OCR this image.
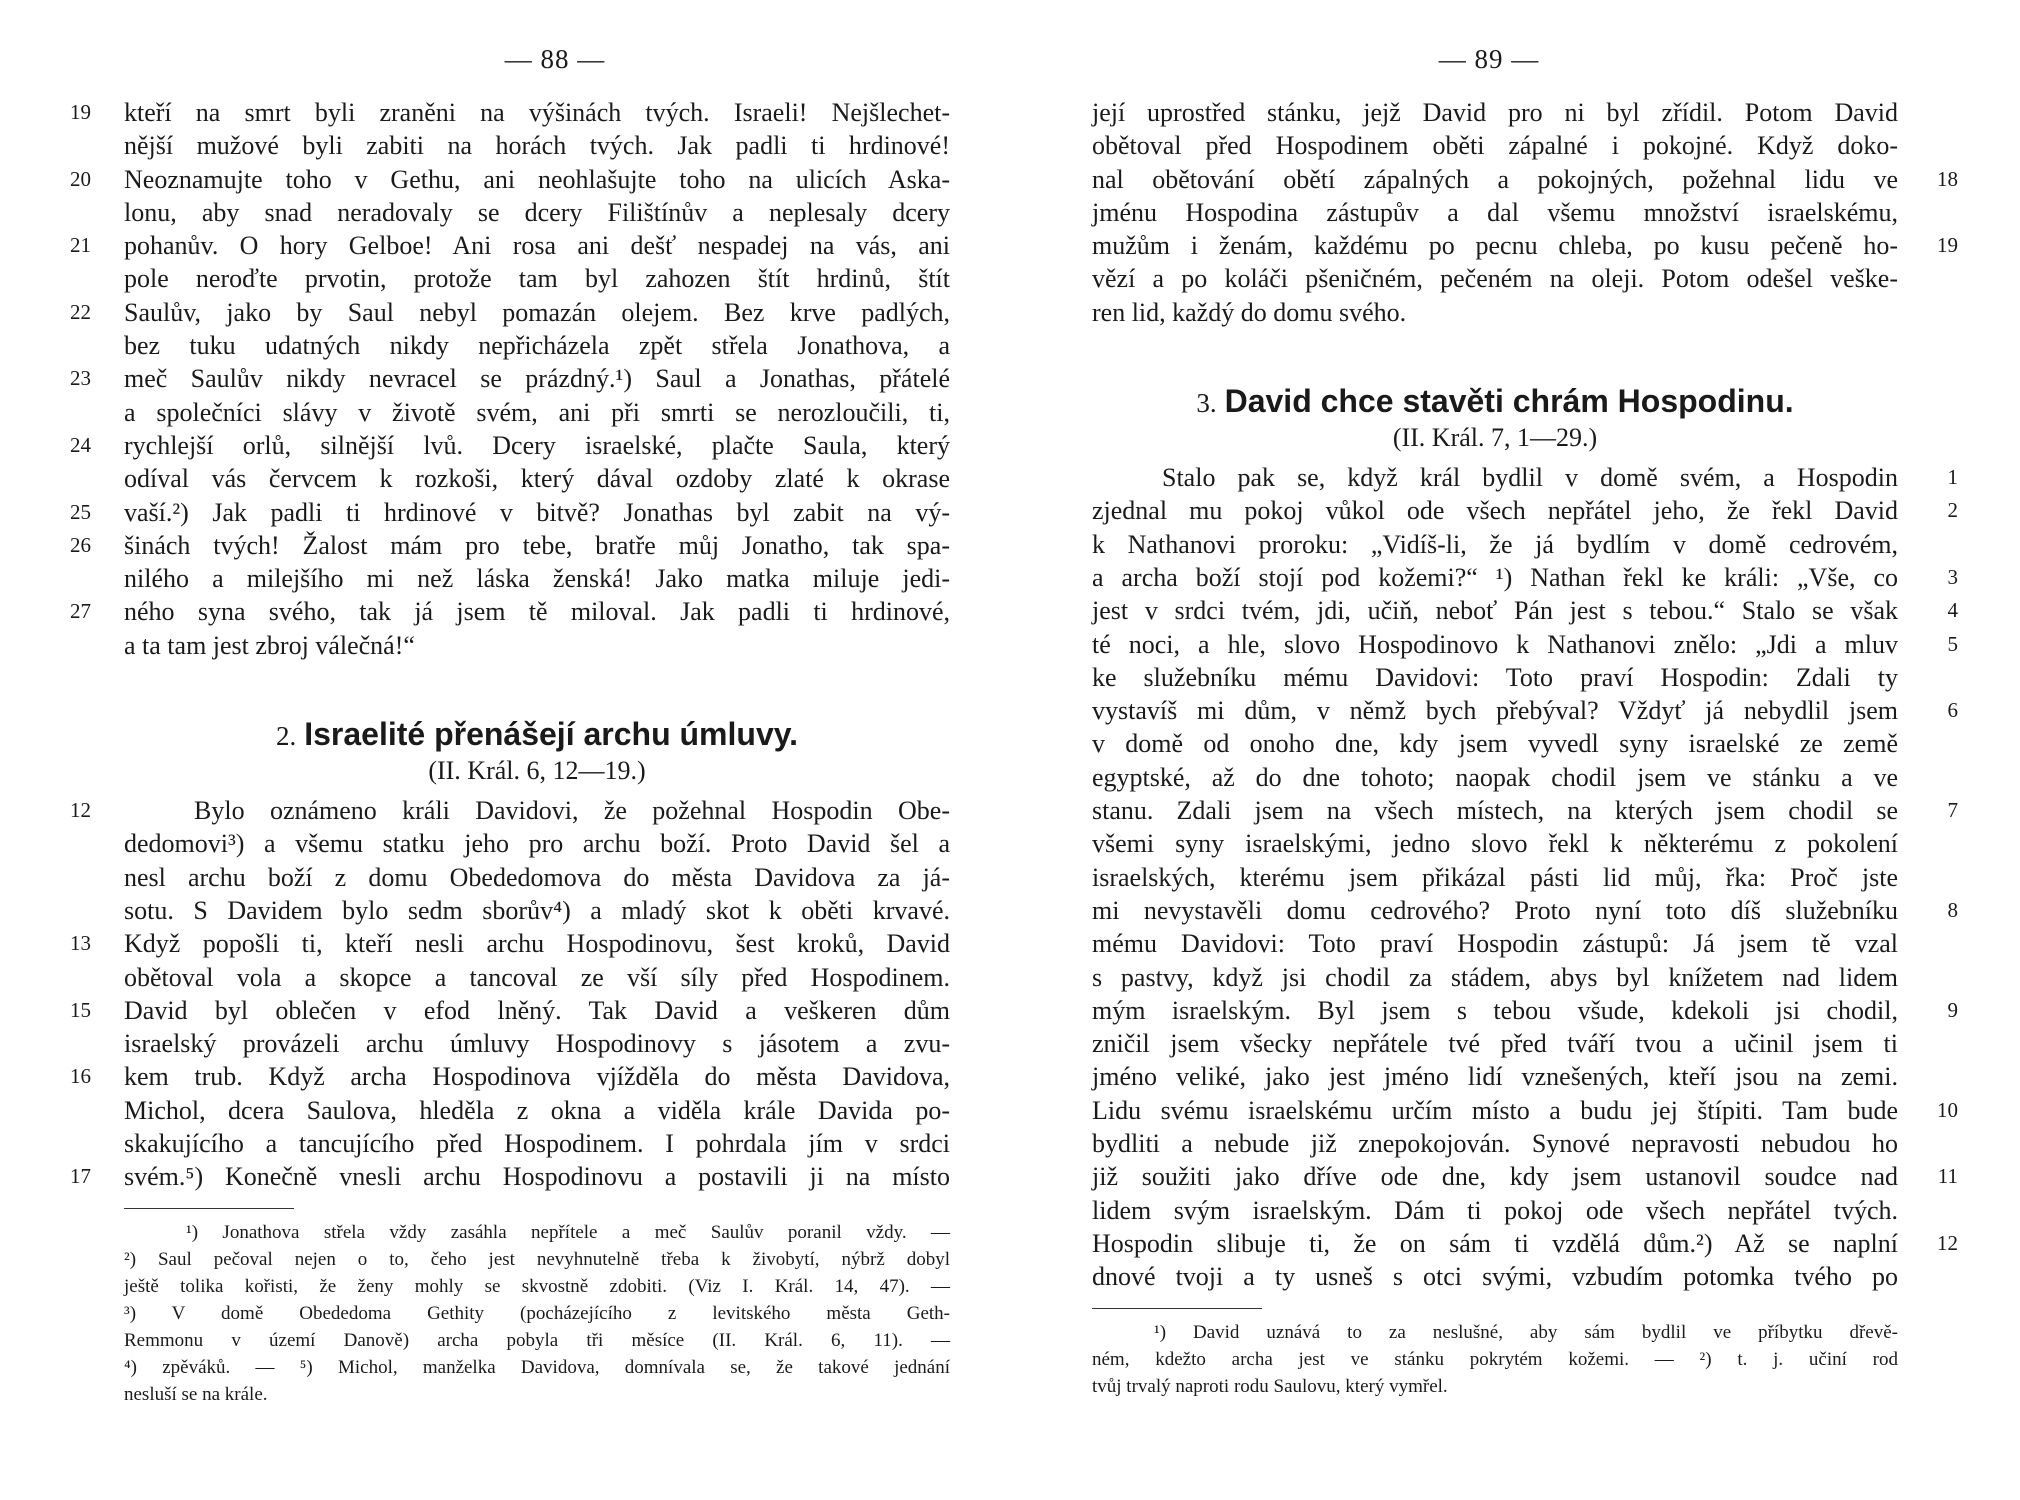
— 88 —
kteří na smrt byli zraněni na výšinách tvých. Israeli! Nejšlechet-
19
nější mužové byli zabiti na horách tvých. Jak padli ti hrdinové!
Neoznamujte toho v Gethu, ani neohlašujte toho na ulicích Aska-
20
lonu, aby snad neradovaly se dcery Filištínův a neplesaly dcery
pohanův. O hory Gelboe! Ani rosa ani dešť nespadej na vás, ani
21
pole neroďte prvotin, protože tam byl zahozen štít hrdinů, štít
Saulův, jako by Saul nebyl pomazán olejem. Bez krve padlých,
22
bez tuku udatných nikdy nepřicházela zpět střela Jonathova, a
meč Saulův nikdy nevracel se prázdný.¹) Saul a Jonathas, přátelé
23
a společníci slávy v životě svém, ani při smrti se nerozloučili, ti,
rychlejší orlů, silnější lvů. Dcery israelské, plačte Saula, který
24
odíval vás červcem k rozkoši, který dával ozdoby zlaté k okrase
vaší.²) Jak padli ti hrdinové v bitvě? Jonathas byl zabit na vý-
25
šinách tvých! Žalost mám pro tebe, bratře můj Jonatho, tak spa-
26
nilého a milejšího mi než láska ženská! Jako matka miluje jedi-
ného syna svého, tak já jsem tě miloval. Jak padli ti hrdinové,
27
a ta tam jest zbroj válečná!“
2. Israelité přenášejí archu úmluvy.
(II. Král. 6, 12—19.)
Bylo oznámeno králi Davidovi, že požehnal Hospodin Obe-
12
dedomovi³) a všemu statku jeho pro archu boží. Proto David šel a
nesl archu boží z domu Obededomova do města Davidova za já-
sotu. S Davidem bylo sedm sborův⁴) a mladý skot k oběti krvavé.
Když popošli ti, kteří nesli archu Hospodinovu, šest kroků, David
13
obětoval vola a skopce a tancoval ze vší síly před Hospodinem.
David byl oblečen v efod lněný. Tak David a veškeren dům
15
israelský provázeli archu úmluvy Hospodinovy s jásotem a zvu-
kem trub. Když archa Hospodinova vjížděla do města Davidova,
16
Michol, dcera Saulova, hleděla z okna a viděla krále Davida po-
skakujícího a tancujícího před Hospodinem. I pohrdala jím v srdci
svém.⁵) Konečně vnesli archu Hospodinovu a postavili ji na místo
17
¹) Jonathova střela vždy zasáhla nepřítele a meč Saulův poranil vždy. —
²) Saul pečoval nejen o to, čeho jest nevyhnutelně třeba k živobytí, nýbrž dobyl
ještě tolika kořisti, že ženy mohly se skvostně zdobiti. (Viz I. Král. 14, 47). —
³) V domě Obededoma Gethity (pocházejícího z levitského města Geth-
Remmonu v území Danově) archa pobyla tři měsíce (II. Král. 6, 11). —
⁴) zpěváků. — ⁵) Michol, manželka Davidova, domnívala se, že takové jednání
nesluší se na krále.
— 89 —
její uprostřed stánku, jejž David pro ni byl zřídil. Potom David
obětoval před Hospodinem oběti zápalné i pokojné. Když doko-
nal obětování obětí zápalných a pokojných, požehnal lidu ve 18
jménu Hospodina zástupův a dal všemu množství israelskému,
mužům i ženám, každému po pecnu chleba, po kusu pečeně ho- 19
vězí a po koláči pšeničném, pečeném na oleji. Potom odešel veške-
ren lid, každý do domu svého.
3. David chce stavěti chrám Hospodinu.
(II. Král. 7, 1—29.)
Stalo pak se, když král bydlil v domě svém, a Hospodin 1
zjednal mu pokoj vůkol ode všech nepřátel jeho, že řekl David 2
k Nathanovi proroku: „Vidíš-li, že já bydlím v domě cedrovém,
a archa boží stojí pod kožemi?“ ¹) Nathan řekl ke králi: „Vše, co 3
jest v srdci tvém, jdi, učiň, neboť Pán jest s tebou.“ Stalo se však 4
té noci, a hle, slovo Hospodinovo k Nathanovi znělo: „Jdi a mluv 5
ke služebníku mému Davidovi: Toto praví Hospodin: Zdali ty
vystavíš mi dům, v němž bych přebýval? Vždyť já nebydlil jsem 6
v domě od onoho dne, kdy jsem vyvedl syny israelské ze země
egyptské, až do dne tohoto; naopak chodil jsem ve stánku a ve
stanu. Zdali jsem na všech místech, na kterých jsem chodil se 7
všemi syny israelskými, jedno slovo řekl k některému z pokolení
israelských, kterému jsem přikázal pásti lid můj, řka: Proč jste
mi nevystavěli domu cedrového? Proto nyní toto díš služebníku 8
mému Davidovi: Toto praví Hospodin zástupů: Já jsem tě vzal
s pastvy, když jsi chodil za stádem, abys byl knížetem nad lidem
mým israelským. Byl jsem s tebou všude, kdekoli jsi chodil, 9
zničil jsem všecky nepřátele tvé před tváří tvou a učinil jsem ti
jméno veliké, jako jest jméno lidí vznešených, kteří jsou na zemi.
Lidu svému israelskému určím místo a budu jej štípiti. Tam bude 10
bydliti a nebude již znepokojován. Synové nepravosti nebudou ho
již soužiti jako dříve ode dne, kdy jsem ustanovil soudce nad 11
lidem svým israelským. Dám ti pokoj ode všech nepřátel tvých.
Hospodin slibuje ti, že on sám ti vzdělá dům.²) Až se naplní 12
dnové tvoji a ty usneš s otci svými, vzbudím potomka tvého po
¹) David uznává to za neslušné, aby sám bydlil ve příbytku dřevě-
ném, kdežto archa jest ve stánku pokrytém kožemi. — ²) t. j. učiní rod
tvůj trvalý naproti rodu Saulovu, který vymřel.
